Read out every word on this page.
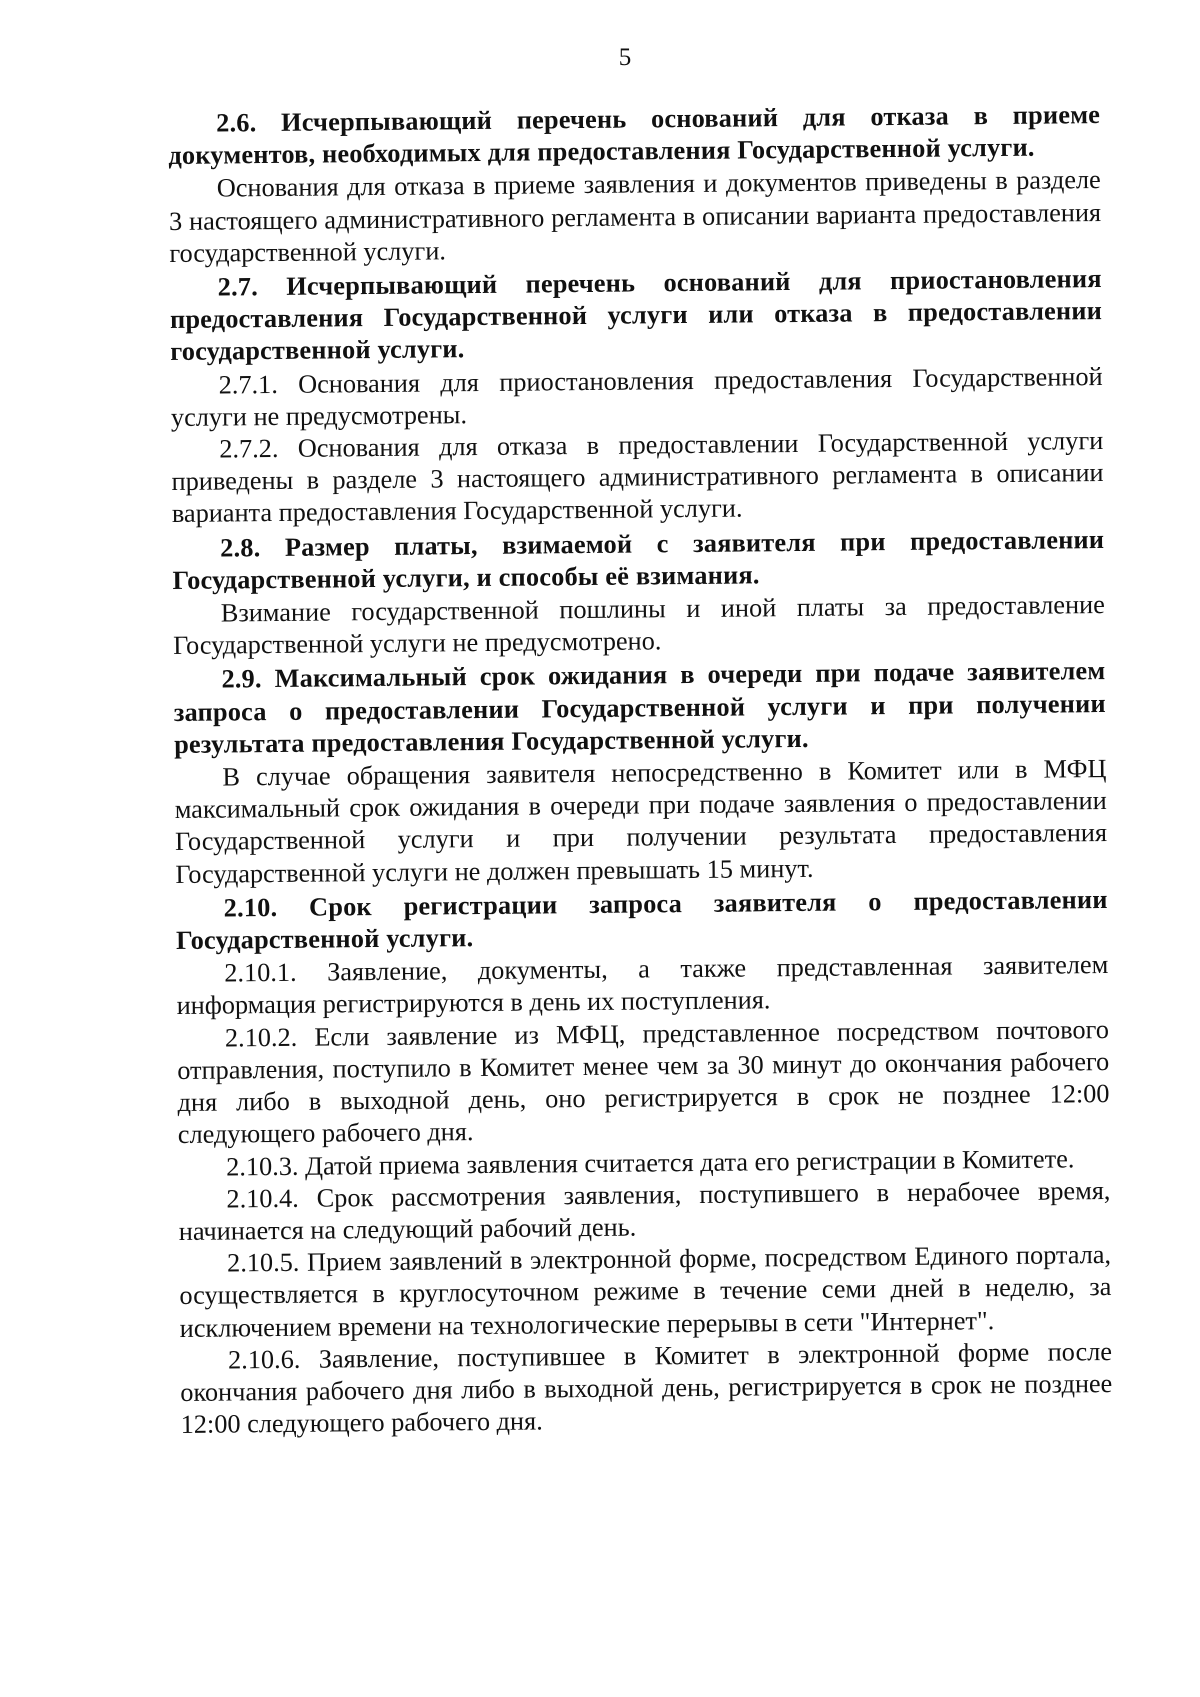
5

2.6. Исчерпывающий перечень оснований для отказа в приеме документов, необходимых для предоставления Государственной услуги.

Основания для отказа в приеме заявления и документов приведены в разделе 3 настоящего административного регламента в описании варианта предоставления государственной услуги.

2.7. Исчерпывающий перечень оснований для приостановления предоставления Государственной услуги или отказа в предоставлении государственной услуги.

2.7.1. Основания для приостановления предоставления Государственной услуги не предусмотрены.

2.7.2. Основания для отказа в предоставлении Государственной услуги приведены в разделе 3 настоящего административного регламента в описании варианта предоставления Государственной услуги.

2.8. Размер платы, взимаемой с заявителя при предоставлении Государственной услуги, и способы её взимания.

Взимание государственной пошлины и иной платы за предоставление Государственной услуги не предусмотрено.

2.9. Максимальный срок ожидания в очереди при подаче заявителем запроса о предоставлении Государственной услуги и при получении результата предоставления Государственной услуги.

В случае обращения заявителя непосредственно в Комитет или в МФЦ максимальный срок ожидания в очереди при подаче заявления о предоставлении Государственной услуги и при получении результата предоставления Государственной услуги не должен превышать 15 минут.

2.10. Срок регистрации запроса заявителя о предоставлении Государственной услуги.

2.10.1. Заявление, документы, а также представленная заявителем информация регистрируются в день их поступления.

2.10.2. Если заявление из МФЦ, представленное посредством почтового отправления, поступило в Комитет менее чем за 30 минут до окончания рабочего дня либо в выходной день, оно регистрируется в срок не позднее 12:00 следующего рабочего дня.

2.10.3. Датой приема заявления считается дата его регистрации в Комитете.

2.10.4. Срок рассмотрения заявления, поступившего в нерабочее время, начинается на следующий рабочий день.

2.10.5. Прием заявлений в электронной форме, посредством Единого портала, осуществляется в круглосуточном режиме в течение семи дней в неделю, за исключением времени на технологические перерывы в сети "Интернет".

2.10.6. Заявление, поступившее в Комитет в электронной форме после окончания рабочего дня либо в выходной день, регистрируется в срок не позднее 12:00 следующего рабочего дня.
